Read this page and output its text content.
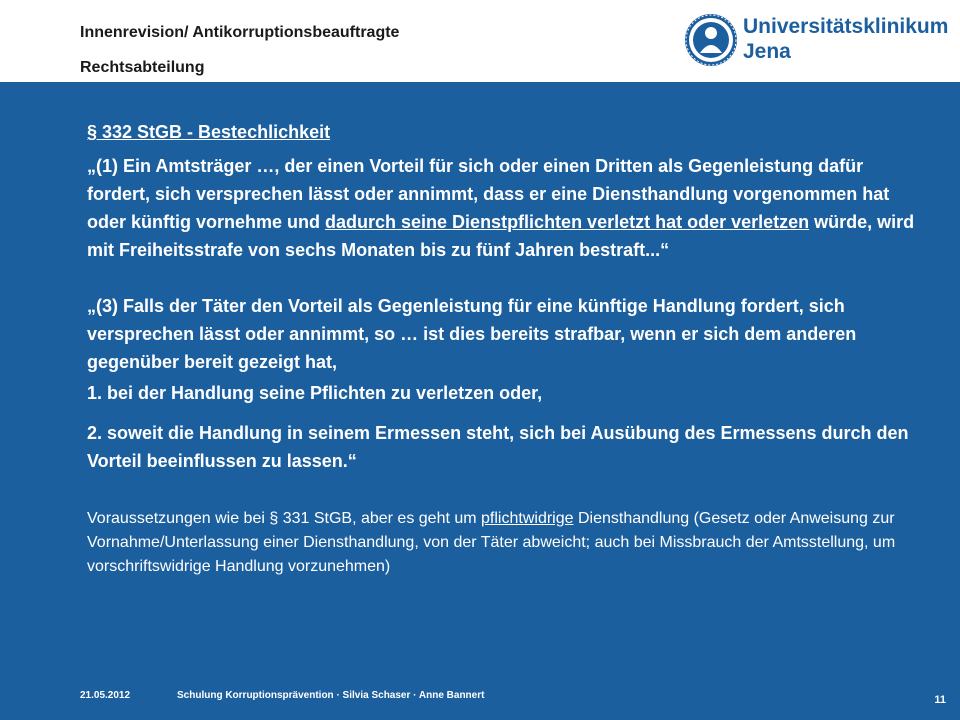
Innenrevision/ Antikorruptionsbeauftragte
Rechtsabteilung
Universitätsklinikum
Jena
§ 332 StGB - Bestechlichkeit

„(1) Ein Amtsträger …, der einen Vorteil für sich oder einen Dritten als Gegenleistung dafür fordert, sich versprechen lässt oder annimmt, dass er eine Diensthandlung vorgenommen hat oder künftig vornehme und dadurch seine Dienstpflichten verletzt hat oder verletzen würde, wird mit Freiheitsstrafe von sechs Monaten bis zu fünf Jahren bestraft...“

„(3) Falls der Täter den Vorteil als Gegenleistung für eine künftige Handlung fordert, sich versprechen lässt oder annimmt, so … ist dies bereits strafbar, wenn er sich dem anderen gegenüber bereit gezeigt hat,

1. bei der Handlung seine Pflichten zu verletzen oder,
2. soweit die Handlung in seinem Ermessen steht, sich bei Ausübung des Ermessens durch den Vorteil beeinflussen zu lassen.“
Voraussetzungen wie bei § 331 StGB, aber es geht um pflichtwidrige Diensthandlung (Gesetz oder Anweisung zur Vornahme/Unterlassung einer Diensthandlung, von der Täter abweicht; auch bei Missbrauch der Amtsstellung, um vorschriftswidrige Handlung vorzunehmen)
21.05.2012	Schulung Korruptionsprävention · Silvia Schaser · Anne Bannert	11
